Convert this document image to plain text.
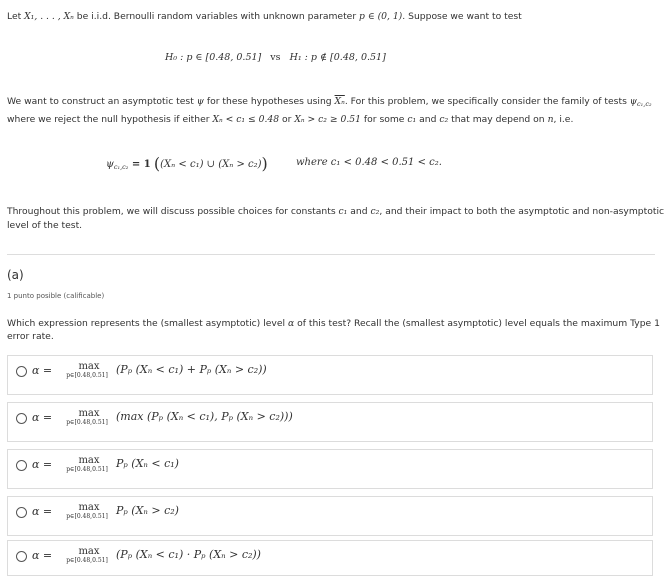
Let X₁, . . . , Xₙ be i.i.d. Bernoulli random variables with unknown parameter p ∈ (0, 1). Suppose we want to test
H₀ : p ∈ [0.48, 0.51] vs H₁ : p ∉ [0.48, 0.51]
We want to construct an asymptotic test ψ for these hypotheses using $\overline{X_n}$. For this problem, we specifically consider the family of tests $\psi_{c_1,c_2}$
where we reject the null hypothesis if either Xₙ < c₁ ≤ 0.48 or Xₙ > c₂ ≥ 0.51 for some c₁ and c₂ that may depend on n, i.e.
$\psi_{c_1,c_2}$ = 𝟏 ((Xₙ < c₁) ∪ (Xₙ > c₂))	where c₁ < 0.48 < 0.51 < c₂.
Throughout this problem, we will discuss possible choices for constants c₁ and c₂, and their impact to both the asymptotic and non-asymptotic
level of the test.
(a)
1 punto posible (calificable)
Which expression represents the (smallest asymptotic) level α of this test? Recall the (smallest asymptotic) level equals the maximum Type 1
error rate.
α =	max
p∈[0.48,0.51] (Pₚ (Xₙ < c₁) + Pₚ (Xₙ > c₂))
α =	max
p∈[0.48,0.51] (max (Pₚ (Xₙ < c₁), Pₚ (Xₙ > c₂)))
α =	max
p∈[0.48,0.51] Pₚ (Xₙ < c₁)
α =	max
p∈[0.48,0.51] Pₚ (Xₙ > c₂)
α =	max
p∈[0.48,0.51] (Pₚ (Xₙ < c₁) · Pₚ (Xₙ > c₂))
